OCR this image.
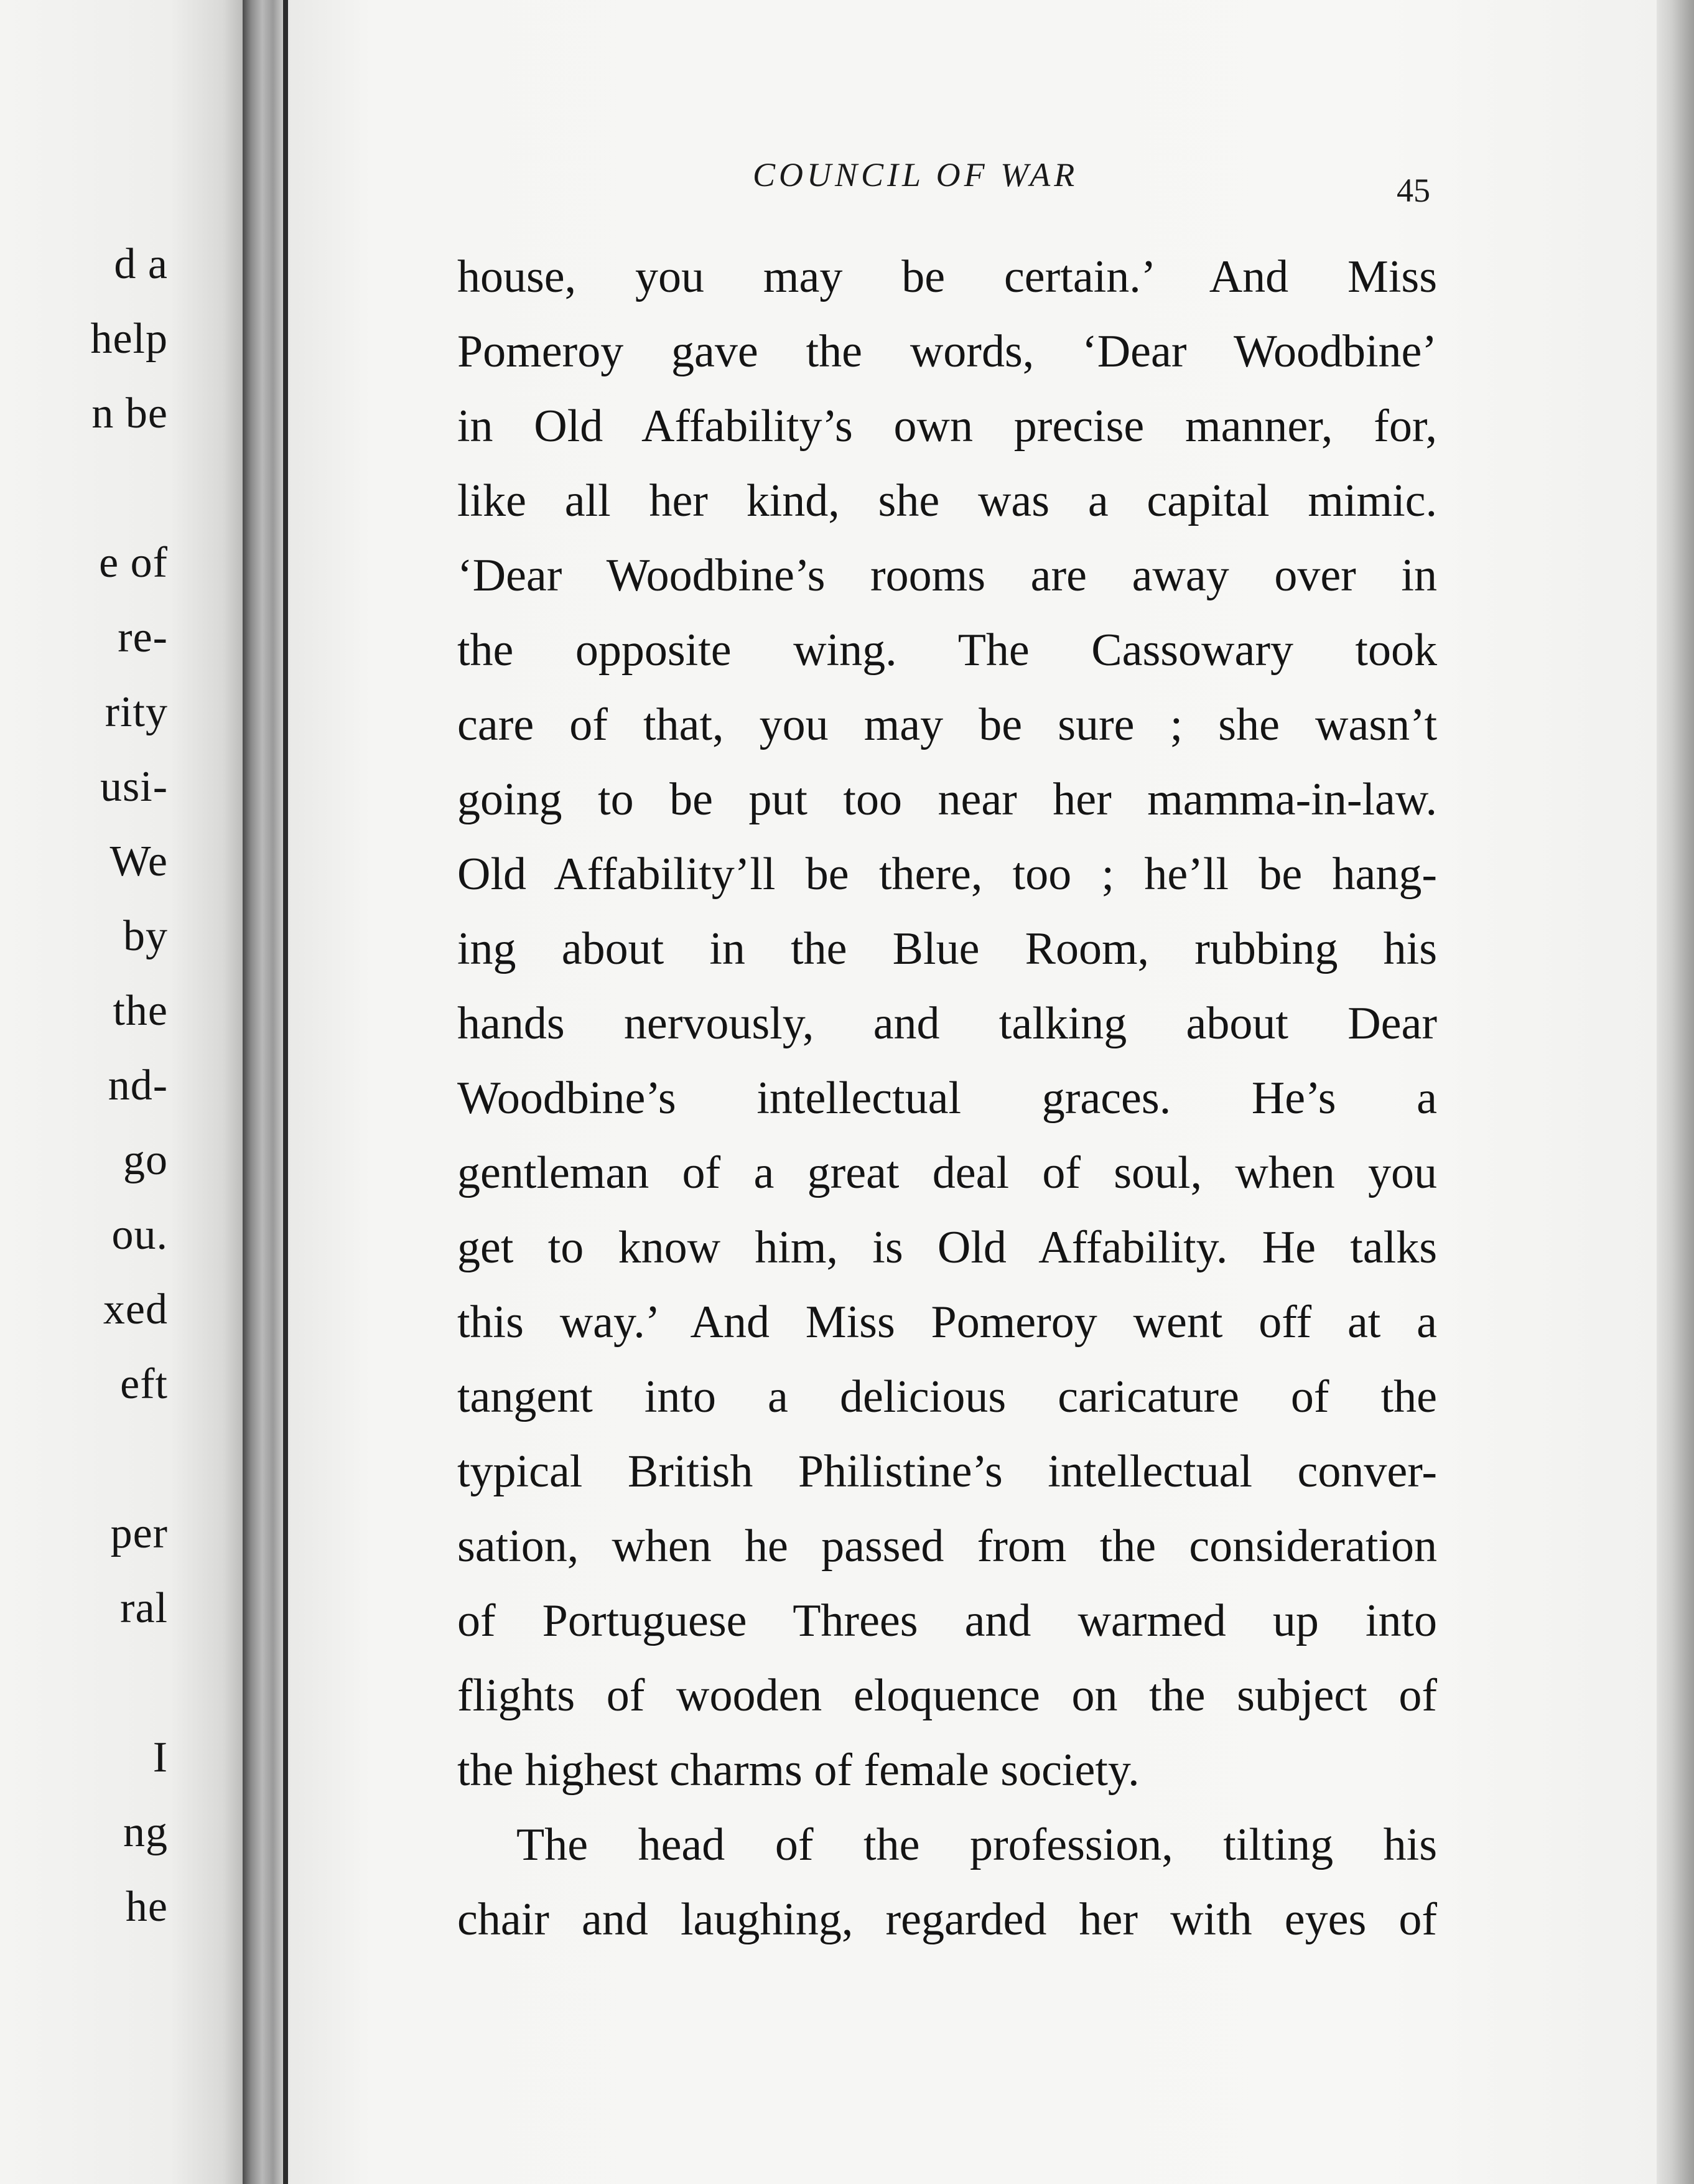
d a
help
n be
e of
re-
rity
usi-
We
by
the
nd-
go
ou.
xed
eft
per
ral
I
ng
he
COUNCIL OF WAR	45
house, you may be certain.’ And Miss
Pomeroy gave the words, ‘Dear Woodbine’
in Old Affability’s own precise manner, for,
like all her kind, she was a capital mimic.
‘Dear Woodbine’s rooms are away over in
the opposite wing. The Cassowary took
care of that, you may be sure ; she wasn’t
going to be put too near her mamma-in-law.
Old Affability’ll be there, too ; he’ll be hang-
ing about in the Blue Room, rubbing his
hands nervously, and talking about Dear
Woodbine’s intellectual graces. He’s a
gentleman of a great deal of soul, when you
get to know him, is Old Affability. He talks
this way.’ And Miss Pomeroy went off at a
tangent into a delicious caricature of the
typical British Philistine’s intellectual conver-
sation, when he passed from the consideration
of Portuguese Threes and warmed up into
flights of wooden eloquence on the subject of
the highest charms of female society.
The head of the profession, tilting his
chair and laughing, regarded her with eyes of
